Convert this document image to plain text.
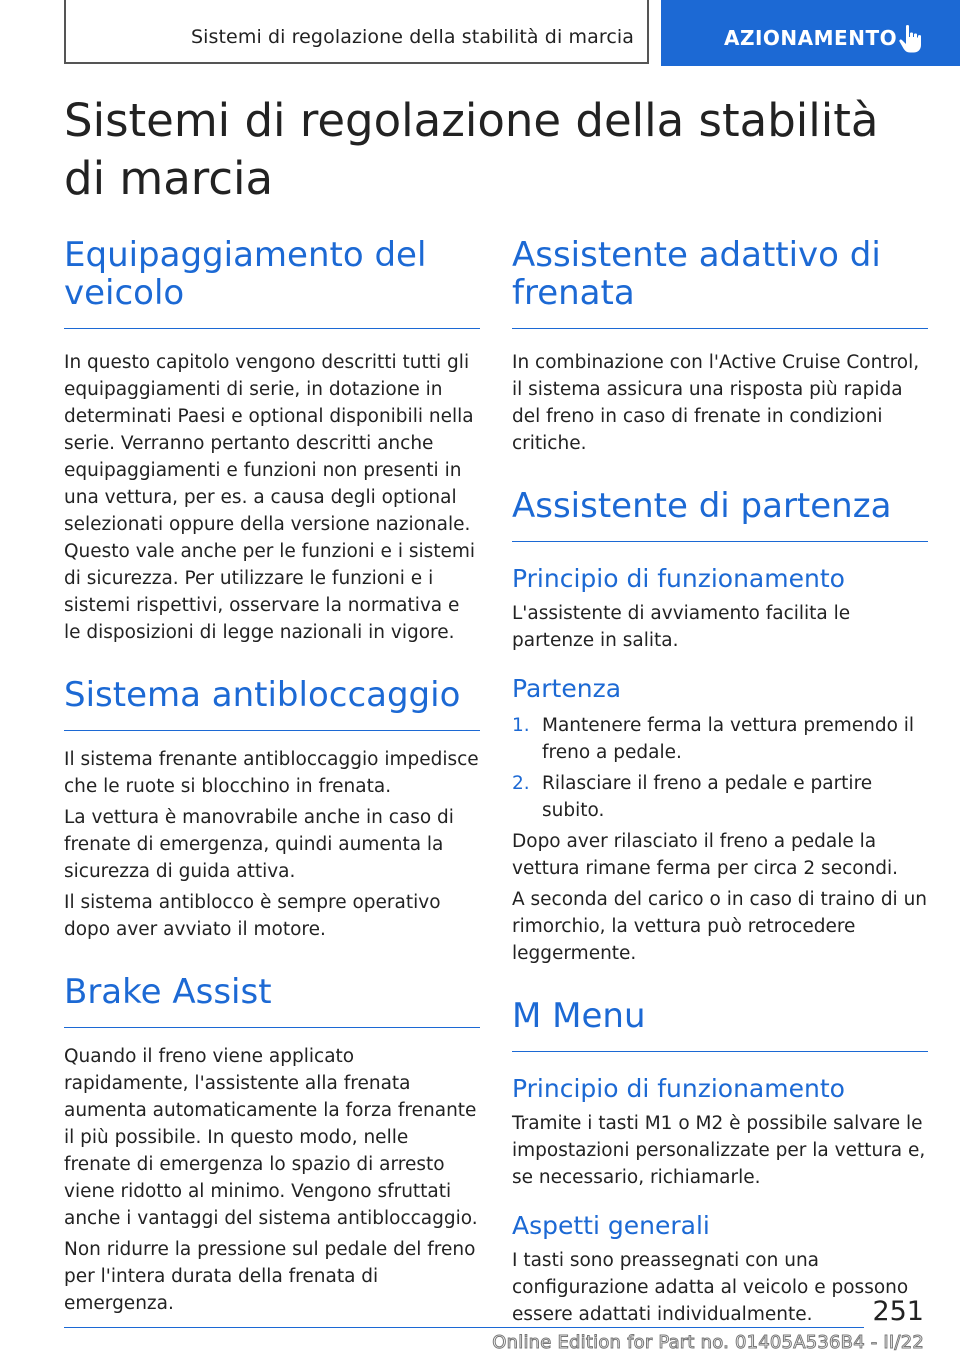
Sistemi di regolazione della stabilità di marcia	AZIONAMENTO
Sistemi di regolazione della stabilità di marcia
Equipaggiamento del veicolo

In questo capitolo vengono descritti tutti gli equipaggiamenti di serie, in dotazione in determinati Paesi e optional disponibili nella serie. Verranno pertanto descritti anche equipaggiamenti e funzioni non presenti in una vettura, per es. a causa degli optional selezionati oppure della versione nazionale. Questo vale anche per le funzioni e i sistemi di sicurezza. Per utilizzare le funzioni e i sistemi rispettivi, osservare la normativa e le disposizioni di legge nazionali in vigore.

Sistema antibloccaggio

Il sistema frenante antibloccaggio impedisce che le ruote si blocchino in frenata.

La vettura è manovrabile anche in caso di frenate di emergenza, quindi aumenta la sicurezza di guida attiva.

Il sistema antiblocco è sempre operativo dopo aver avviato il motore.

Brake Assist

Quando il freno viene applicato rapidamente, l'assistente alla frenata aumenta automaticamente la forza frenante il più possibile. In questo modo, nelle frenate di emergenza lo spazio di arresto viene ridotto al minimo. Vengono sfruttati anche i vantaggi del sistema antibloccaggio.

Non ridurre la pressione sul pedale del freno per l'intera durata della frenata di emergenza.

Assistente adattivo di frenata

In combinazione con l'Active Cruise Control, il sistema assicura una risposta più rapida del freno in caso di frenate in condizioni critiche.

Assistente di partenza
Principio di funzionamento

L'assistente di avviamento facilita le partenze in salita.

Partenza
1. Mantenere ferma la vettura premendo il freno a pedale.
2. Rilasciare il freno a pedale e partire subito.

Dopo aver rilasciato il freno a pedale la vettura rimane ferma per circa 2 secondi.

A seconda del carico o in caso di traino di un rimorchio, la vettura può retrocedere leggermente.

M Menu
Principio di funzionamento

Tramite i tasti M1 o M2 è possibile salvare le impostazioni personalizzate per la vettura e, se necessario, richiamarle.

Aspetti generali

I tasti sono preassegnati con una configurazione adatta al veicolo e possono essere adattati individualmente.	251
Online Edition for Part no. 01405A536B4 - II/22
